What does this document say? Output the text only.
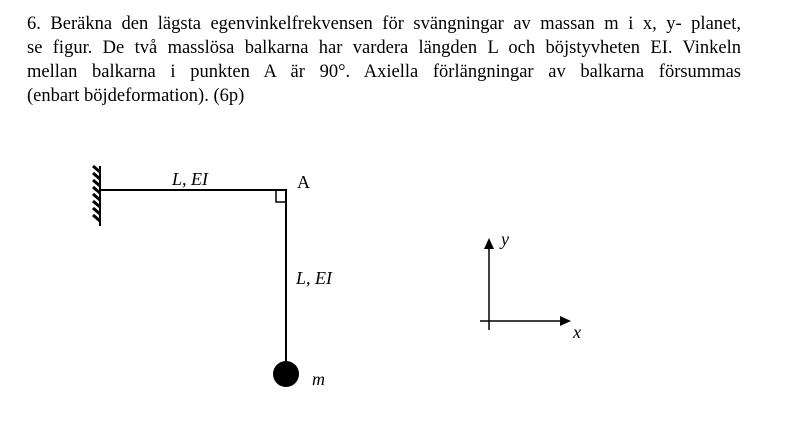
6. Beräkna den lägsta egenvinkelfrekvensen för svängningar av massan m i x, y- planet,
se figur. De två masslösa balkarna har vardera längden L och böjstyvheten EI. Vinkeln
mellan balkarna i punkten A är 90°. Axiella förlängningar av balkarna försummas
(enbart böjdeformation). (6p)
L, EI	A
L, EI
m
y
x
